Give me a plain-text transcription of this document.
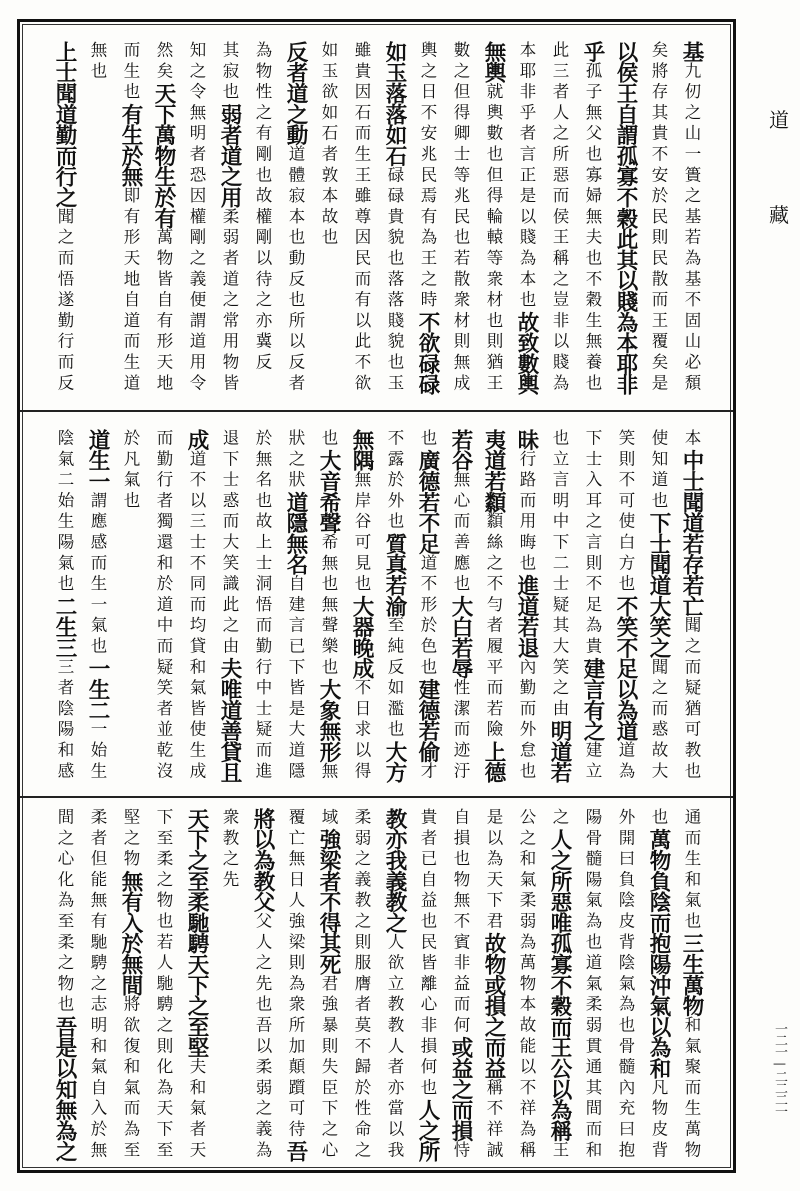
基九仞之山一簣之基若為基不固山必頹
矣將存其貴不安於民則民散而王覆矣是
以侯王自謂孤寡不穀此其以賤為本耶非
乎孤子無父也寡婦無夫也不穀生無養也
此三者人之所惡而侯王稱之豈非以賤為
本耶非乎者言正是以賤為本也故致數輿
無輿就輿數也但得輪轅等衆材也則猶王
數之但得卿士等兆民也若散衆材則無成
輿之日不安兆民焉有為王之時不欲碌碌
如玉落落如石碌碌貴貌也落落賤貌也玉
雖貴因石而生王雖尊因民而有以此不欲
如玉欲如石者敦本故也
反者道之動道體寂本也動反也所以反者
為物性之有剛也故權剛以待之亦冀反
其寂也弱者道之用柔弱者道之常用物皆
知之令無明者恐因權剛之義便謂道用令
然矣天下萬物生於有萬物皆自有形天地
而生也有生於無即有形天地自道而生道
無也
上士聞道勤而行之聞之而悟遂勤行而反
本中士聞道若存若亡聞之而疑猶可教也
使知道也下士聞道大笑之聞之而惑故大
笑則不可使白方也不笑不足以為道道為
下士入耳之言則不足為貴建言有之建立
也立言明中下二士疑其大笑之由明道若
昧行路而用晦也進道若退內勤而外怠也
夷道若纇纇絲之不勻者履平而若險上德
若谷無心而善應也大白若辱性潔而迹汙
也廣德若不足道不形於色也建德若偷才
不露於外也質真若渝至純反如濫也大方
無隅無岸谷可見也大器晚成不日求以得
也大音希聲希無也無聲樂也大象無形無
狀之狀道隱無名自建言已下皆是大道隱
於無名也故上士洞悟而勤行中士疑而進
退下士惑而大笑識此之由夫唯道善貸且
成道不以三士不同而均貸和氣皆使生成
而勤行者獨還和於道中而疑笑者並乾沒
於凡氣也
道生一謂應感而生一氣也一生二一始生
陰氣二始生陽氣也二生三三者陰陽和感
通而生和氣也三生萬物和氣聚而生萬物
也萬物負陰而抱陽沖氣以為和凡物皮背
外開曰負陰皮背陰氣為也骨髓內充曰抱
陽骨髓陽氣為也道氣柔弱貫通其間而和
之人之所惡唯孤寡不穀而王公以為稱王
公之和氣柔弱為萬物本故能以不祥為稱
是以為天下君故物或損之而益稱不祥誠
自損也物無不賓非益而何或益之而損恃
貴者已自益也民皆離心非損何也人之所
教亦我義教之人欲立教教人者亦當以我
柔弱之義教之則服膺者莫不歸於性命之
域強梁者不得其死君強暴則失臣下之心
覆亡無日人強梁則為衆所加顛躓可待吾
將以為教父父人之先也吾以柔弱之義為
衆教之先
天下之至柔馳騁天下之至堅夫和氣者天
下至柔之物也若人馳騁之則化為天下至
堅之物無有入於無間將欲復和氣而為至
柔者但能無有馳騁之志明和氣自入於無
間之心化為至柔之物也吾是以知無為之
道
藏
一二一—二二二一
